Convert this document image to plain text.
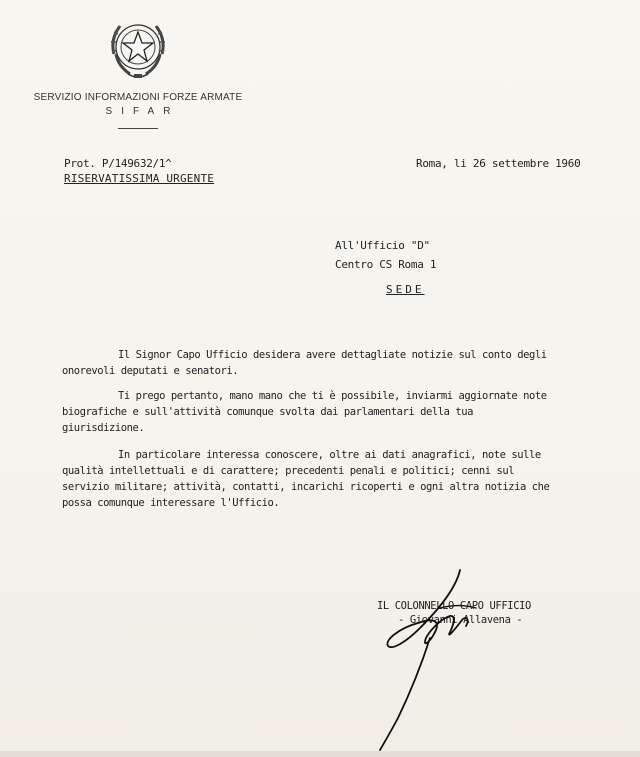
SERVIZIO INFORMAZIONI FORZE ARMATE
SIFAR
Prot. P/149632/1^
RISERVATISSIMA URGENTE
Roma, li 26 settembre 1960
All'Ufficio "D"
Centro CS Roma 1
SEDE

Il Signor Capo Ufficio desidera avere dettagliate notizie sul conto degli

onorevoli deputati e senatori.

Ti prego pertanto, mano mano che ti è possibile, inviarmi aggiornate note

biografiche e sull'attività comunque svolta dai parlamentari della tua

giurisdizione.

In particolare interessa conoscere, oltre ai dati anagrafici, note sulle

qualità intellettuali e di carattere; precedenti penali e politici; cenni sul

servizio militare; attività, contatti, incarichi ricoperti e ogni altra notizia che

possa comunque interessare l'Ufficio.

IL COLONNELLO CAPO UFFICIO
- Giovanni Allavena -
